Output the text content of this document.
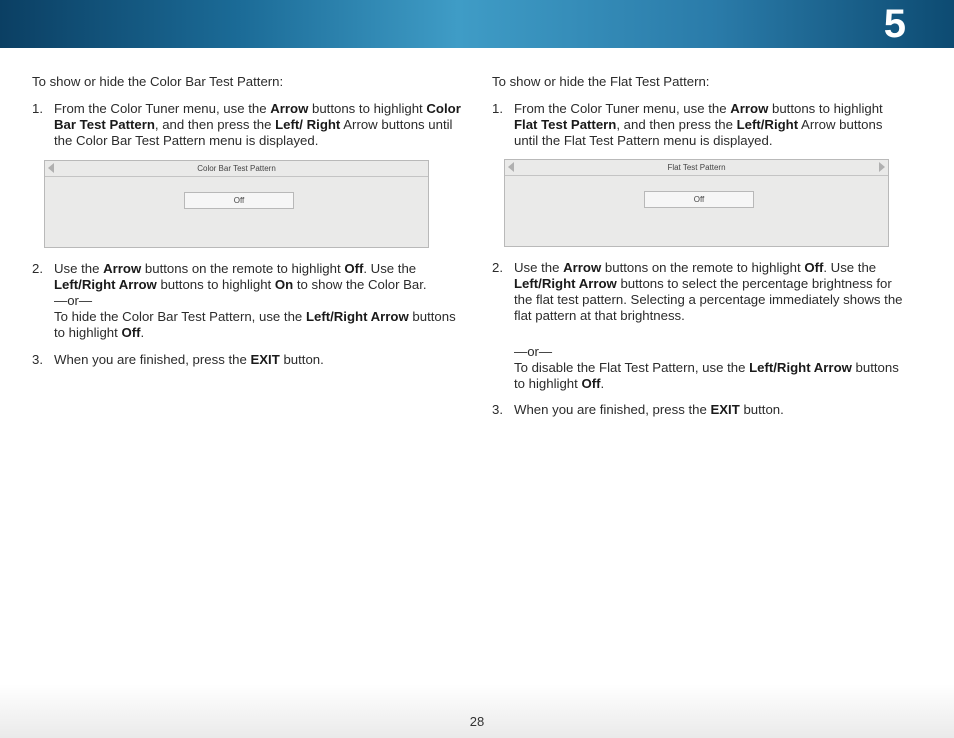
5

To show or hide the Color Bar Test Pattern:

1. From the Color Tuner menu, use the Arrow buttons to highlight Color Bar Test Pattern, and then press the Left/ Right Arrow buttons until the Color Bar Test Pattern menu is displayed.

Color Bar Test Pattern
Off
2. Use the Arrow buttons on the remote to highlight Off. Use the Left/Right Arrow buttons to highlight On to show the Color Bar.

—or—

To hide the Color Bar Test Pattern, use the Left/Right Arrow buttons to highlight Off.

3. When you are finished, press the EXIT button.

To show or hide the Flat Test Pattern:

1. From the Color Tuner menu, use the Arrow buttons to highlight Flat Test Pattern, and then press the Left/Right Arrow buttons until the Flat Test Pattern menu is displayed.

Flat Test Pattern
Off
2. Use the Arrow buttons on the remote to highlight Off. Use the Left/Right Arrow buttons to select the percentage brightness for the flat test pattern. Selecting a percentage immediately shows the flat pattern at that brightness.

—or—

To disable the Flat Test Pattern, use the Left/Right Arrow buttons to highlight Off.

3. When you are finished, press the EXIT button.

28
